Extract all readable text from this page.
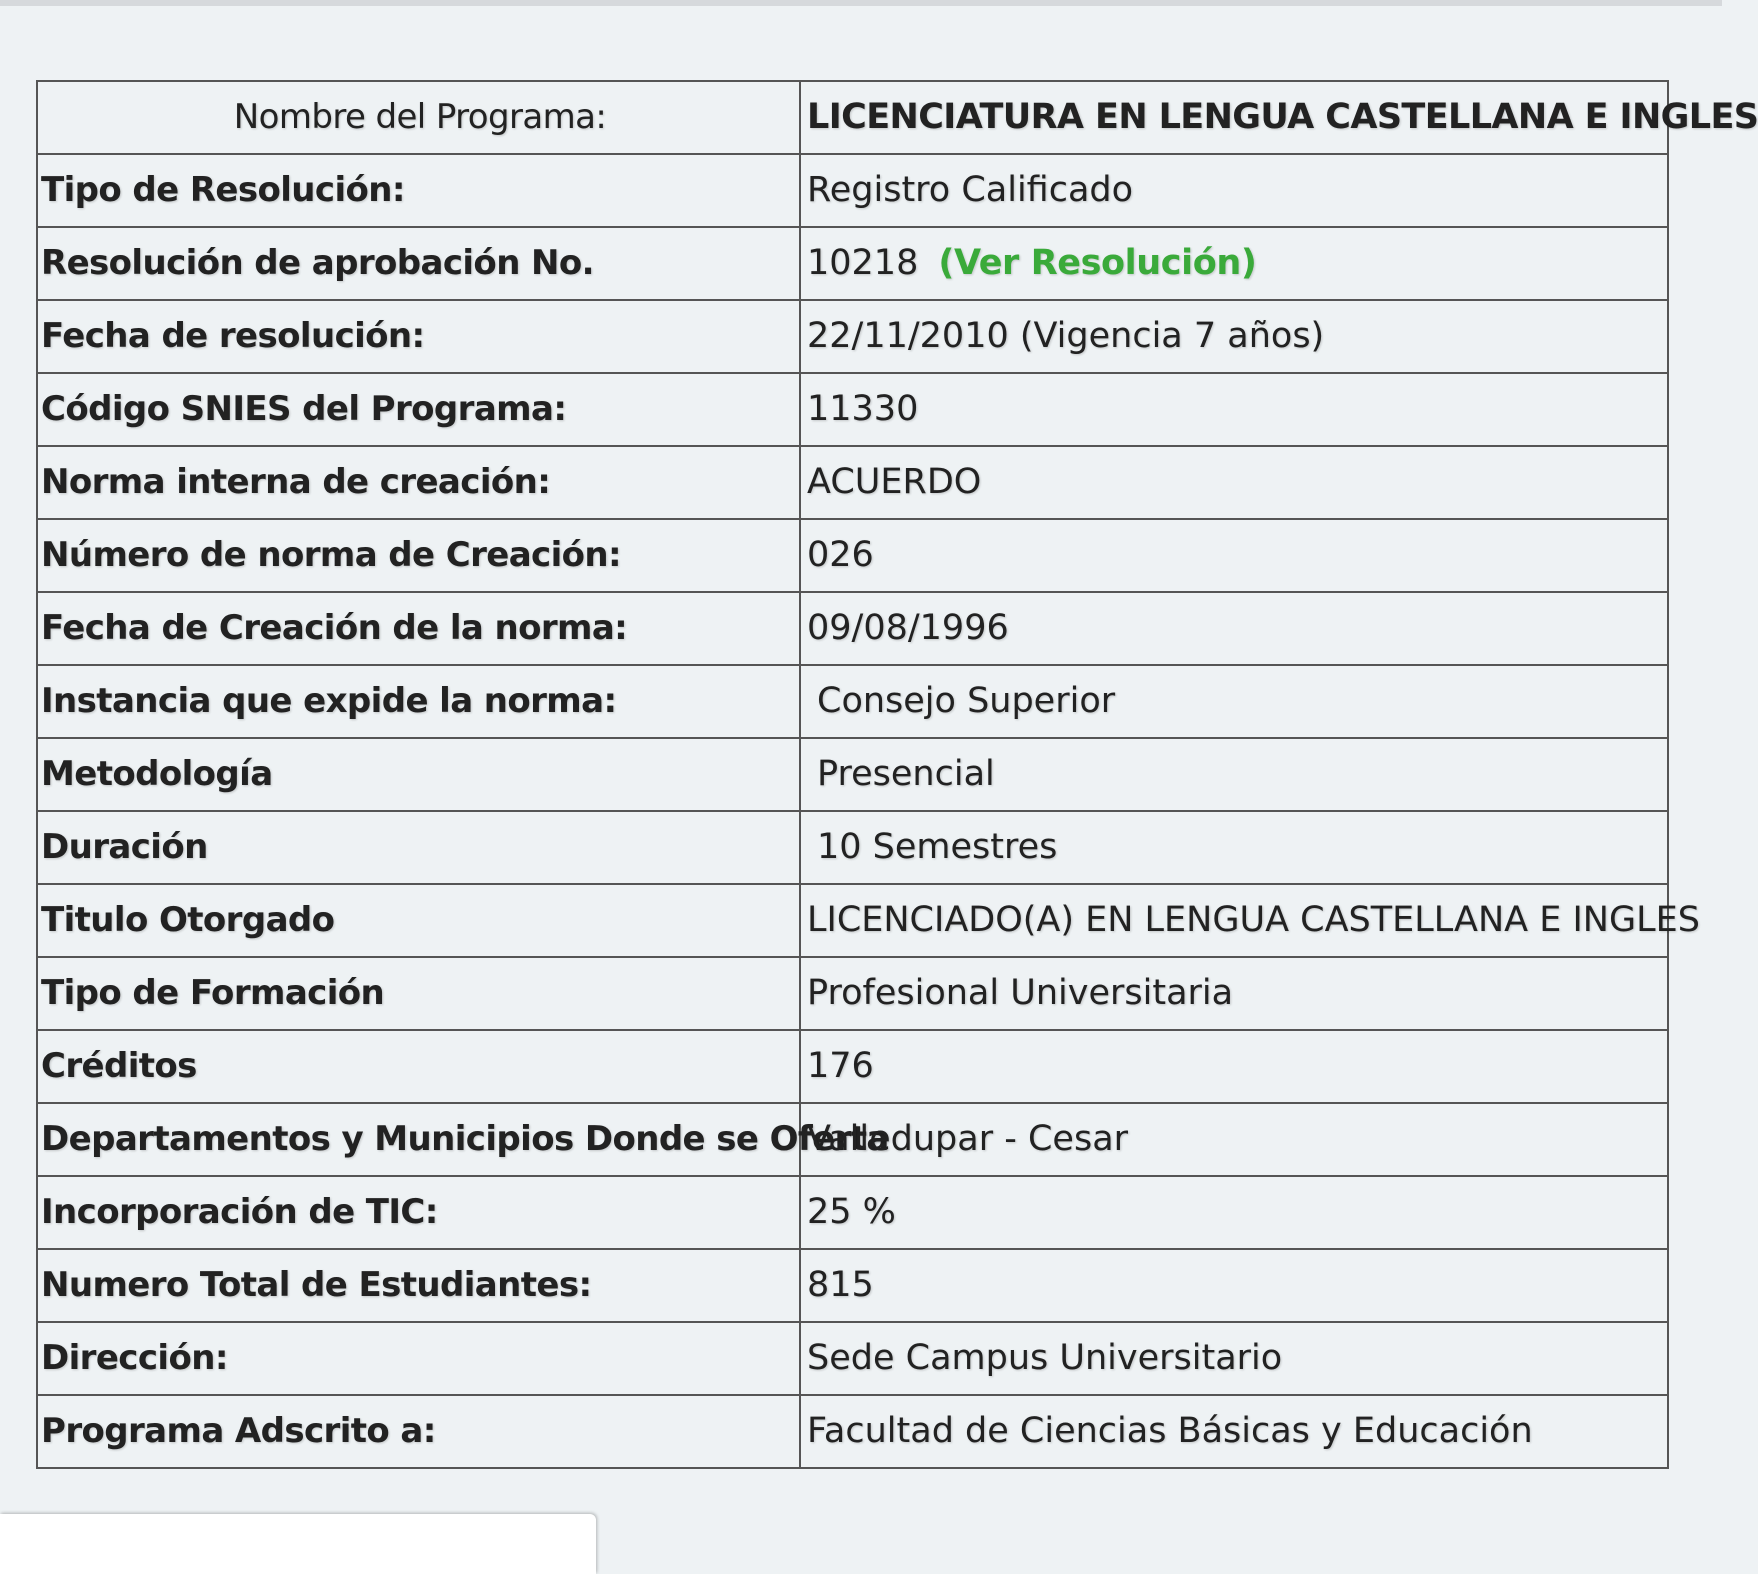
Nombre del Programa:	LICENCIATURA EN LENGUA CASTELLANA E INGLES
Tipo de Resolución:	Registro Calificado
Resolución de aprobación No.	10218 (Ver Resolución)
Fecha de resolución:	22/11/2010 (Vigencia 7 años)
Código SNIES del Programa:	11330
Norma interna de creación:	ACUERDO
Número de norma de Creación:	026
Fecha de Creación de la norma:	09/08/1996
Instancia que expide la norma:	Consejo Superior
Metodología	Presencial
Duración	10 Semestres
Titulo Otorgado	LICENCIADO(A) EN LENGUA CASTELLANA E INGLES
Tipo de Formación	Profesional Universitaria
Créditos	176
Departamentos y Municipios Donde se Oferta	Valledupar - Cesar
Incorporación de TIC:	25 %
Numero Total de Estudiantes:	815
Dirección:	Sede Campus Universitario
Programa Adscrito a:	Facultad de Ciencias Básicas y Educación
